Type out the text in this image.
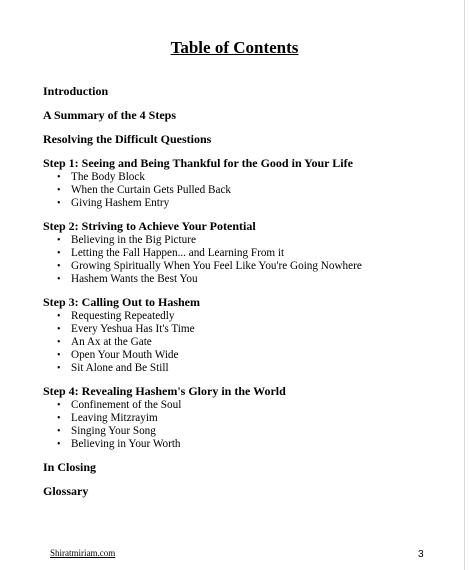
Table of Contents
Introduction
A Summary of the 4 Steps
Resolving the Difficult Questions
Step 1: Seeing and Being Thankful for the Good in Your Life
• The Body Block
• When the Curtain Gets Pulled Back
• Giving Hashem Entry
Step 2: Striving to Achieve Your Potential
• Believing in the Big Picture
• Letting the Fall Happen... and Learning From it
• Growing Spiritually When You Feel Like You're Going Nowhere
• Hashem Wants the Best You
Step 3: Calling Out to Hashem
• Requesting Repeatedly
• Every Yeshua Has It's Time
• An Ax at the Gate
• Open Your Mouth Wide
• Sit Alone and Be Still
Step 4: Revealing Hashem's Glory in the World
• Confinement of the Soul
• Leaving Mitzrayim
• Singing Your Song
• Believing in Your Worth
In Closing
Glossary
Shiratmiriam.com	3
